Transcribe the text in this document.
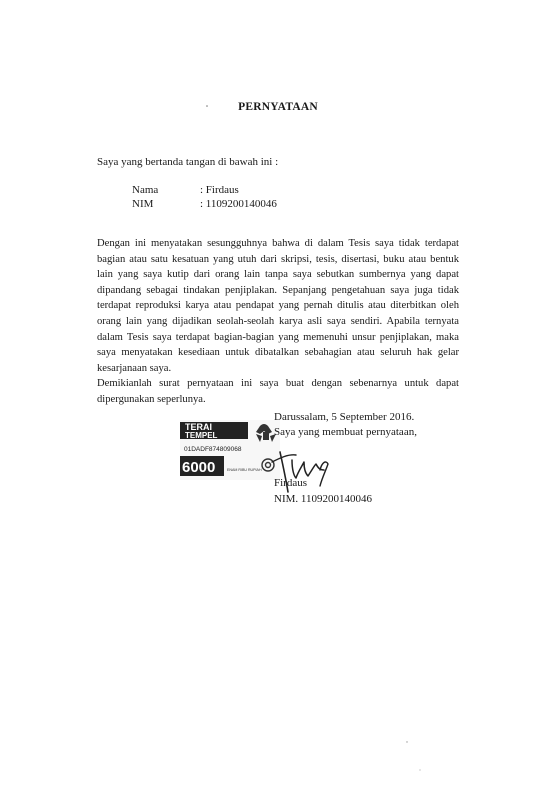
PERNYATAAN
Saya yang bertanda tangan di bawah ini :
Nama	: Firdaus
NIM	: 1109200140046

Dengan ini menyatakan sesungguhnya bahwa di dalam Tesis saya tidak terdapat bagian atau satu kesatuan yang utuh dari skripsi, tesis, disertasi, buku atau bentuk lain yang saya kutip dari orang lain tanpa saya sebutkan sumbernya yang dapat dipandang sebagai tindakan penjiplakan. Sepanjang pengetahuan saya juga tidak terdapat reproduksi karya atau pendapat yang pernah ditulis atau diterbitkan oleh orang lain yang dijadikan seolah-seolah karya asli saya sendiri. Apabila ternyata dalam Tesis saya terdapat bagian-bagian yang memenuhi unsur penjiplakan, maka saya menyatakan kesediaan untuk dibatalkan sebahagian atau seluruh hak gelar kesarjanaan saya.

Demikianlah surat pernyataan ini saya buat dengan sebenarnya untuk dapat dipergunakan seperlunya.

TERAI
TEMPEL
01DADF874809068
6000	ENAM RIBU RUPIAH
Darussalam, 5 September 2016.
Saya yang membuat pernyataan,
Firdaus
NIM. 1109200140046
